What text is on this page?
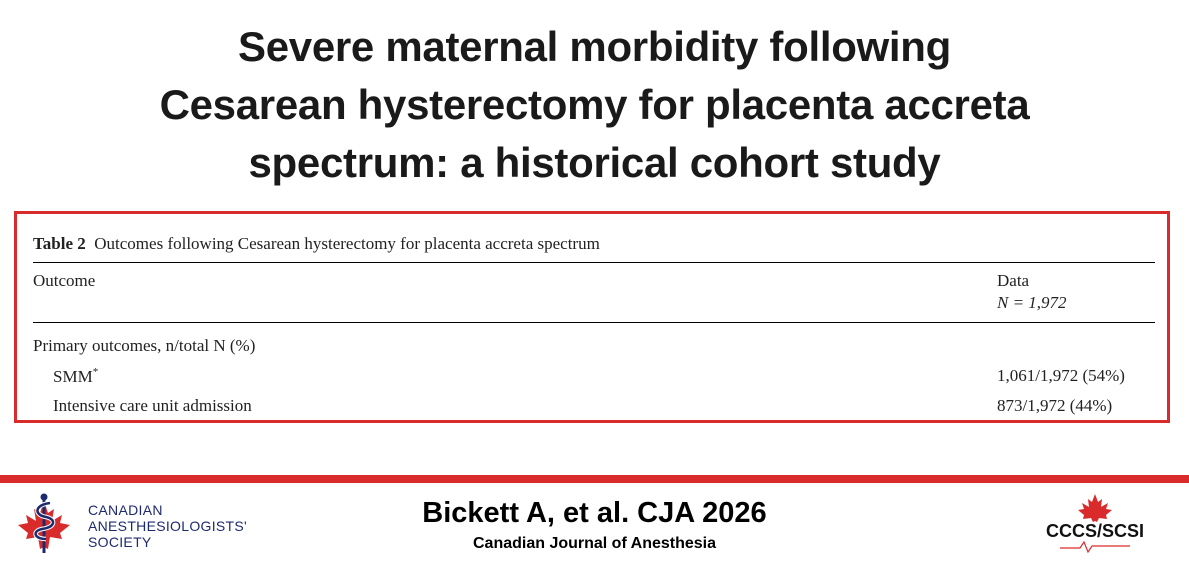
Severe maternal morbidity following
Cesarean hysterectomy for placenta accreta
spectrum: a historical cohort study
Table 2 Outcomes following Cesarean hysterectomy for placenta accreta spectrum
Outcome	Data
N = 1,972
Primary outcomes, n/total N (%)
SMM*	1,061/1,972 (54%)
Intensive care unit admission	873/1,972 (44%)
CANADIAN
ANESTHESIOLOGISTS'
SOCIETY
Bickett A, et al. CJA 2026
Canadian Journal of Anesthesia
CCCS/SCSI
